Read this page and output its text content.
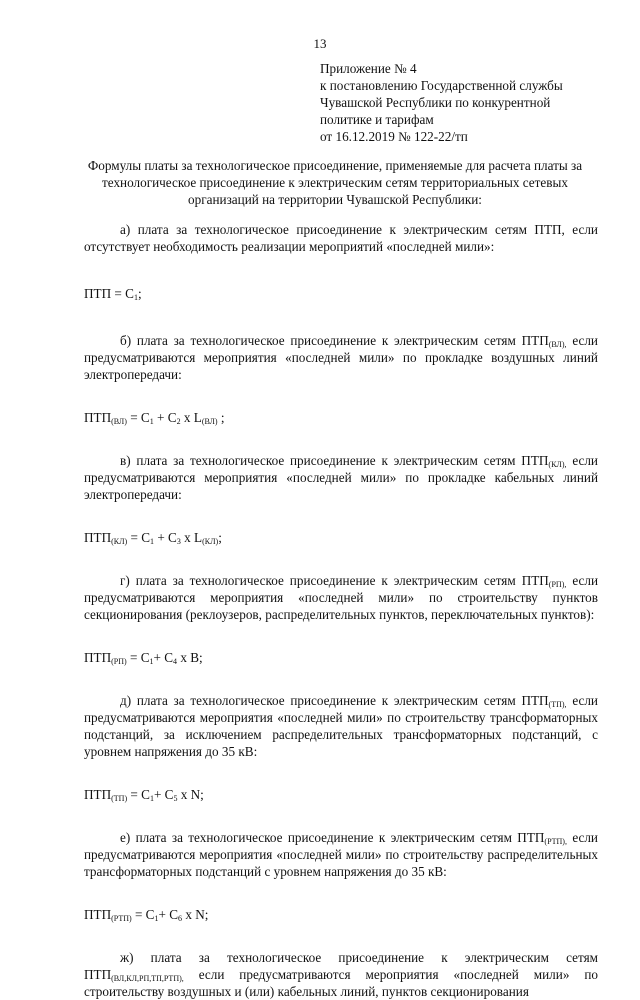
13
Приложение № 4
к постановлению Государственной службы
Чувашской Республики по конкурентной
политике и тарифам
от 16.12.2019 № 122-22/тп
Формулы платы за технологическое присоединение, применяемые для расчета платы за технологическое присоединение к электрическим сетям территориальных сетевых организаций на территории Чувашской Республики:

а) плата за технологическое присоединение к электрическим сетям ПТП, если отсутствует необходимость реализации мероприятий «последней мили»:

ПТП = $С_1$;

б) плата за технологическое присоединение к электрическим сетям $ПТП_{(ВЛ),}$ если предусматриваются мероприятия «последней мили» по прокладке воздушных линий электропередачи:

$ПТП_{(ВЛ)} = С_1 + С_2$ x $L_{(ВЛ)}$ ;

в) плата за технологическое присоединение к электрическим сетям $ПТП_{(КЛ),}$ если предусматриваются мероприятия «последней мили» по прокладке кабельных линий электропередачи:

$ПТП_{(КЛ)} = С_1 + С_3$ x $L_{(КЛ)}$;

г) плата за технологическое присоединение к электрическим сетям $ПТП_{(РП),}$ если предусматриваются мероприятия «последней мили» по строительству пунктов секционирования (реклоузеров, распределительных пунктов, переключательных пунктов):

$ПТП_{(РП)} = С_1+ С_4$ x В;

д) плата за технологическое присоединение к электрическим сетям $ПТП_{(ТП),}$ если предусматриваются мероприятия «последней мили» по строительству трансформаторных подстанций, за исключением распределительных трансформаторных подстанций, с уровнем напряжения до 35 кВ:

$ПТП_{(ТП)} = С_1+ С_5$ x N;

е) плата за технологическое присоединение к электрическим сетям $ПТП_{(РТП),}$ если предусматриваются мероприятия «последней мили» по строительству распределительных трансформаторных подстанций с уровнем напряжения до 35 кВ:

$ПТП_{(РТП)} = С_1+ С_6$ x N;

ж) плата за технологическое присоединение к электрическим сетям $ПТП_{(ВЛ,КЛ,РП,ТП,РТП),}$ если предусматриваются мероприятия «последней мили» по строительству воздушных и (или) кабельных линий, пунктов секционирования
